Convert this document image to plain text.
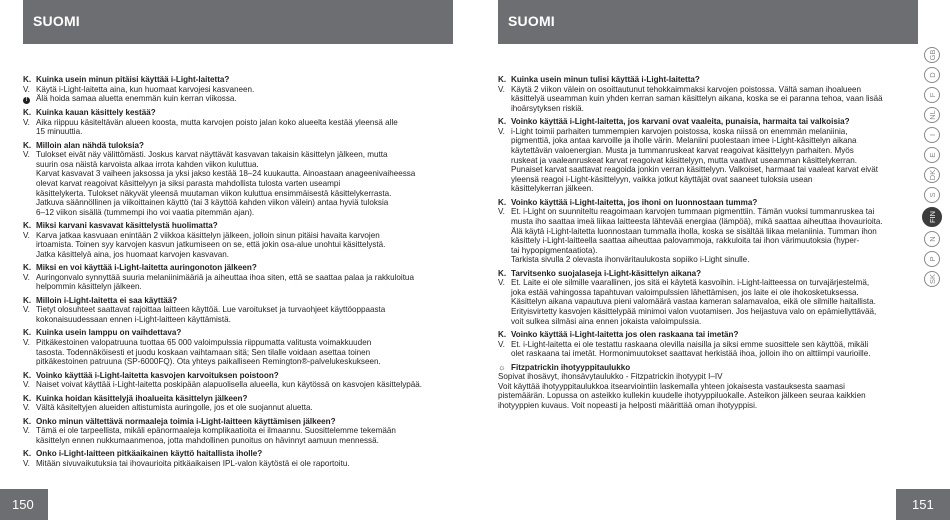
SUOMI	SUOMI
K. Kuinka usein minun pitäisi käyttää i-Light-laitetta?
V. Käytä i-Light-laitetta aina, kun huomaat karvojesi kasvaneen.
!	Älä hoida samaa aluetta enemmän kuin kerran viikossa.
K. Kuinka kauan käsittely kestää?
V. Aika riippuu käsiteltävän alueen koosta, mutta karvojen poisto jalan koko alueelta kestää yleensä alle
15 minuuttia.
K. Milloin alan nähdä tuloksia?
V. Tulokset eivät näy välittömästi. Joskus karvat näyttävät kasvavan takaisin käsittelyn jälkeen, mutta
suurin osa näistä karvoista alkaa irrota kahden viikon kuluttua.
Karvat kasvavat 3 vaiheen jaksossa ja yksi jakso kestää 18–24 kuukautta. Ainoastaan anageenivaiheessa
olevat karvat reagoivat käsittelyyn ja siksi parasta mahdollista tulosta varten useampi
käsittelykerta. Tulokset näkyvät yleensä muutaman viikon kuluttua ensimmäisestä käsittelykerrasta.
Jatkuva säännöllinen ja viikoittainen käyttö (tai 3 käyttöä kahden viikon välein) antaa hyviä tuloksia
6–12 viikon sisällä (tummempi iho voi vaatia pitemmän ajan).
K. Miksi karvani kasvavat käsittelystä huolimatta?
V. Karva jatkaa kasvuaan enintään 2 viikkoa käsittelyn jälkeen, jolloin sinun pitäisi havaita karvojen
irtoamista. Toinen syy karvojen kasvun jatkumiseen on se, että jokin osa-alue unohtui käsittelystä.
Jatka käsittelyä aina, jos huomaat karvojen kasvavan.
K. Miksi en voi käyttää i-Light-laitetta auringonoton jälkeen?
V. Auringonvalo synnyttää suuria melaniinimääriä ja aiheuttaa ihoa siten, että se saattaa palaa ja rakkuloitua
helpommin käsittelyn jälkeen.
K. Milloin i-Light-laitetta ei saa käyttää?
V. Tietyt olosuhteet saattavat rajoittaa laitteen käyttöä. Lue varoitukset ja turvaohjeet käyttöoppaasta
kokonaisuudessaan ennen i-Light-laitteen käyttämistä.
K. Kuinka usein lamppu on vaihdettava?
V. Pitkäkestoinen valopatruuna tuottaa 65 000 valoimpulssia riippumatta valitusta voimakkuuden
tasosta. Todennäköisesti et juodu koskaan vaihtamaan sitä; Sen tilalle voidaan asettaa toinen
pitkäkestoinen patruuna (SP-6000FQ). Ota yhteys paikalliseen Remington®-palvelukeskukseen.
K. Voinko käyttää i-Light-laitetta kasvojen karvoituksen poistoon?
V. Naiset voivat käyttää i-Light-laitetta poskipään alapuolisella alueella, kun käytössä on kasvojen käsittelypää.
K. Kuinka hoidan käsittelyjä ihoalueita käsittelyn jälkeen?
V. Vältä käsiteltyjen alueiden altistumista auringolle, jos et ole suojannut aluetta.
K. Onko minun vältettävä normaaleja toimia i-Light-laitteen käyttämisen jälkeen?
V. Tämä ei ole tarpeellista, mikäli epänormaaleja komplikaatioita ei ilmaannu. Suosittelemme tekemään
käsittelyn ennen nukkumaanmenoa, jotta mahdollinen punoitus on hävinnyt aamuun mennessä.
K. Onko i-Light-laitteen pitkäaikainen käyttö haitallista iholle?
V. Mitään sivuvaikutuksia tai ihovaurioita pitkäaikaisen IPL-valon käytöstä ei ole raportoitu.
K. Kuinka usein minun tulisi käyttää i-Light-laitetta?
V. Käytä 2 viikon välein on osoittautunut tehokkaimmaksi karvojen poistossa. Vältä saman ihoalueen
käsittelyä useamman kuin yhden kerran saman käsittelyn aikana, koska se ei paranna tehoa, vaan lisää
ihoärsytyksen riskiä.
K. Voinko käyttää i-Light-laitetta, jos karvani ovat vaaleita, punaisia, harmaita tai valkoisia?
V. i-Light toimii parhaiten tummempien karvojen poistossa, koska niissä on enemmän melaniinia,
pigmenttiä, joka antaa karvoille ja iholle värin. Melaniini puolestaan imee i-Light-käsittelyn aikana
käytettävän valoenergian. Musta ja tummanruskeat karvat reagoivat käsittelyyn parhaiten. Myös
ruskeat ja vaaleanruskeat karvat reagoivat käsittelyyn, mutta vaativat useamman käsittelykerran.
Punaiset karvat saattavat reagoida jonkin verran käsittelyyn. Valkoiset, harmaat tai vaaleat karvat eivät
yleensä reagoi i-Light-käsittelyyn, vaikka jotkut käyttäjät ovat saaneet tuloksia usean
käsittelykerran jälkeen.
K. Voinko käyttää i-Light-laitetta, jos ihoni on luonnostaan tumma?
V. Et. i-Light on suunniteltu reagoimaan karvojen tummaan pigmenttiin. Tämän vuoksi tummanruskea tai
musta iho saattaa imeä liikaa laitteesta lähtevää energiaa (lämpöä), mikä saattaa aiheuttaa ihovaurioita.
Älä käytä i-Light-laitetta luonnostaan tummalla iholla, koska se sisältää liikaa melaniinia. Tumman ihon
käsittely i-Light-laitteella saattaa aiheuttaa palovammoja, rakkuloita tai ihon värimuutoksia (hyper-
tai hypopigmentaatiota).
Tarkista sivulla 2 olevasta ihonväritaulukosta sopiiko i-Light sinulle.
K. Tarvitsenko suojalaseja i-Light-käsittelyn aikana?
V. Et. Laite ei ole silmille vaarallinen, jos sitä ei käytetä kasvoihin. i-Light-laitteessa on turvajärjestelmä,
joka estää vahingossa tapahtuvan valoimpulssien lähettämisen, jos laite ei ole ihokosketuksessa.
Käsittelyn aikana vapautuva pieni valomäärä vastaa kameran salamavaloa, eikä ole silmille haitallista.
Erityisvirtetty kasvojen käsittelypää minimoi valon vuotamisen. Jos heijastuva valo on epämiellyttävää,
voit sulkea silmäsi aina ennen jokaista valoimpulssia.
K. Voinko käyttää i-Light-laitetta jos olen raskaana tai imetän?
V. Et. i-Light-laitetta ei ole testattu raskaana olevilla naisilla ja siksi emme suosittele sen käyttöä, mikäli
olet raskaana tai imetät. Hormonimuutokset saattavat herkistää ihoa, jolloin iho on alttiimpi vaurioille.
☼ Fitzpatrickin ihotyyppitaulukko
Sopivat ihosävyt, ihonsävytaulukko - Fitzpatrickin ihotyypit I–IV
Voit käyttää ihotyyppitaulukkoa itsearviointiin laskemalla yhteen jokaisesta vastauksesta saamasi
pistemäärän. Lopussa on asteikko kullekin kuudelle ihotyyppiluokalle. Asteikon jälkeen seuraa kaikkien
ihotyyppien kuvaus. Voit nopeasti ja helposti määrittää oman ihotyyppisi.
GB
D
F
NL
I
E
DK
S
FIN
N
P
SK
150	151
